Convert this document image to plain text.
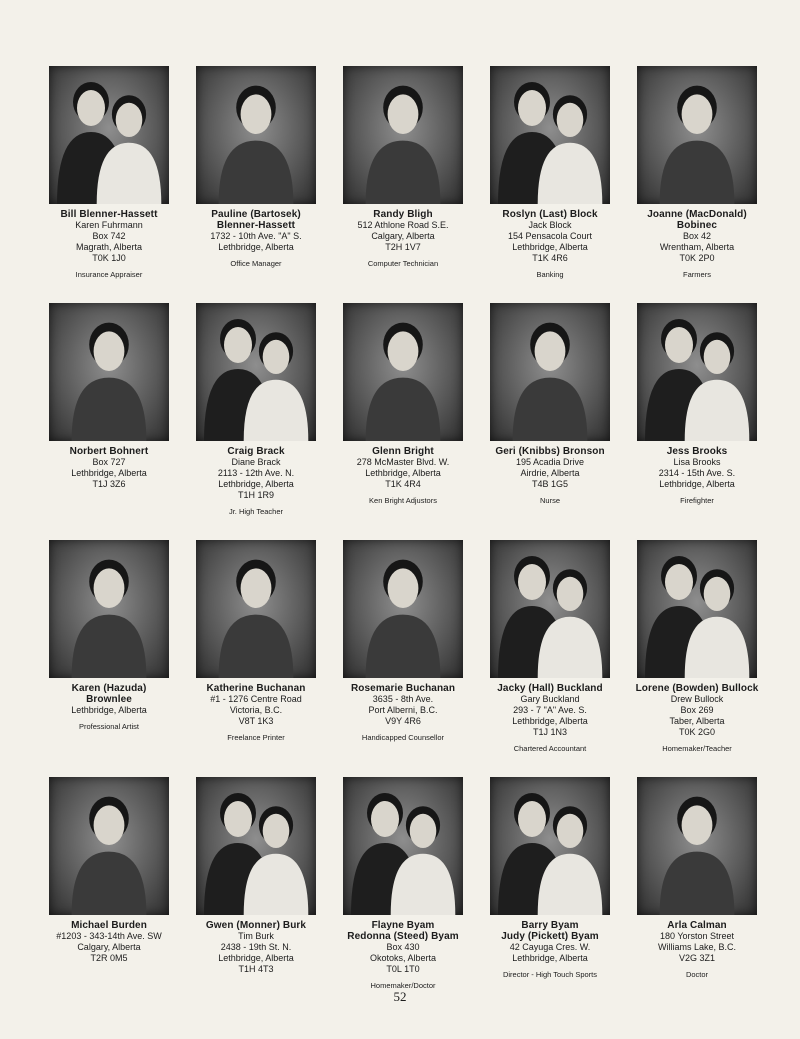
Bill Blenner-Hassett
Karen Fuhrmann
Box 742
Magrath, Alberta
T0K 1J0
Insurance Appraiser
Pauline (Bartosek)
Blenner-Hassett
1732 - 10th Ave. "A" S.
Lethbridge, Alberta
Office Manager
Randy Bligh
512 Athlone Road S.E.
Calgary, Alberta
T2H 1V7
Computer Technician
Roslyn (Last) Block
Jack Block
154 Pensacola Court
Lethbridge, Alberta
T1K 4R6
Banking
Joanne (MacDonald)
Bobinec
Box 42
Wrentham, Alberta
T0K 2P0
Farmers
Norbert Bohnert
Box 727
Lethbridge, Alberta
T1J 3Z6
Craig Brack
Diane Brack
2113 - 12th Ave. N.
Lethbridge, Alberta
T1H 1R9
Jr. High Teacher
Glenn Bright
278 McMaster Blvd. W.
Lethbridge, Alberta
T1K 4R4
Ken Bright Adjustors
Geri (Knibbs) Bronson
195 Acadia Drive
Airdrie, Alberta
T4B 1G5
Nurse
Jess Brooks
Lisa Brooks
2314 - 15th Ave. S.
Lethbridge, Alberta
Firefighter
Karen (Hazuda)
Brownlee
Lethbridge, Alberta
Professional Artist
Katherine Buchanan
#1 - 1276 Centre Road
Victoria, B.C.
V8T 1K3
Freelance Printer
Rosemarie Buchanan
3635 - 8th Ave.
Port Alberni, B.C.
V9Y 4R6
Handicapped Counsellor
Jacky (Hall) Buckland
Gary Buckland
293 - 7 "A" Ave. S.
Lethbridge, Alberta
T1J 1N3
Chartered Accountant
Lorene (Bowden) Bullock
Drew Bullock
Box 269
Taber, Alberta
T0K 2G0
Homemaker/Teacher
Michael Burden
#1203 - 343-14th Ave. SW
Calgary, Alberta
T2R 0M5
Gwen (Monner) Burk
Tim Burk
2438 - 19th St. N.
Lethbridge, Alberta
T1H 4T3
Flayne Byam
Redonna (Steed) Byam
Box 430
Okotoks, Alberta
T0L 1T0
Homemaker/Doctor
Barry Byam
Judy (Pickett) Byam
42 Cayuga Cres. W.
Lethbridge, Alberta
Director - High Touch Sports
Arla Calman
180 Yorston Street
Williams Lake, B.C.
V2G 3Z1
Doctor
52
